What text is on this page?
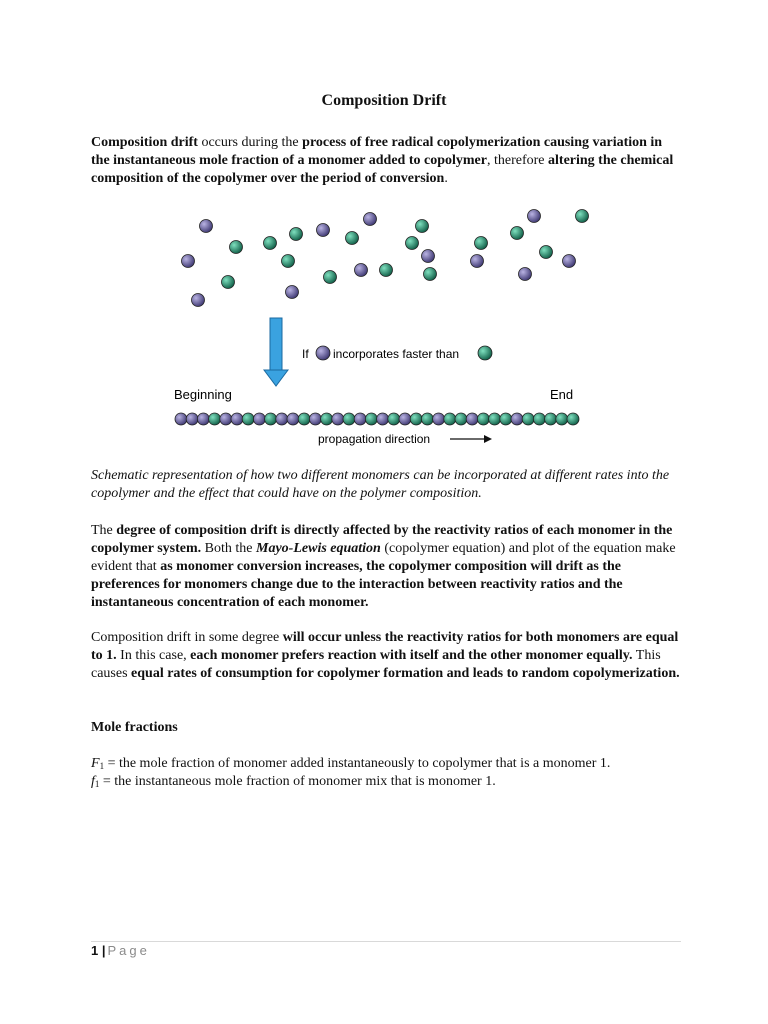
Composition Drift

Composition drift occurs during the process of free radical copolymerization causing variation in the instantaneous mole fraction of a monomer added to copolymer, therefore altering the chemical composition of the copolymer over the period of conversion.

If incorporates faster than
Beginning	End
propagation direction

Schematic representation of how two different monomers can be incorporated at different rates into the copolymer and the effect that could have on the polymer composition.

The degree of composition drift is directly affected by the reactivity ratios of each monomer in the copolymer system. Both the Mayo-Lewis equation (copolymer equation) and plot of the equation make evident that as monomer conversion increases, the copolymer composition will drift as the preferences for monomers change due to the interaction between reactivity ratios and the instantaneous concentration of each monomer.

Composition drift in some degree will occur unless the reactivity ratios for both monomers are equal to 1. In this case, each monomer prefers reaction with itself and the other monomer equally. This causes equal rates of consumption for copolymer formation and leads to random copolymerization.

Mole fractions

$F_1$ = the mole fraction of monomer added instantaneously to copolymer that is a monomer 1.

$f_1$ = the instantaneous mole fraction of monomer mix that is monomer 1.

1 | Page
